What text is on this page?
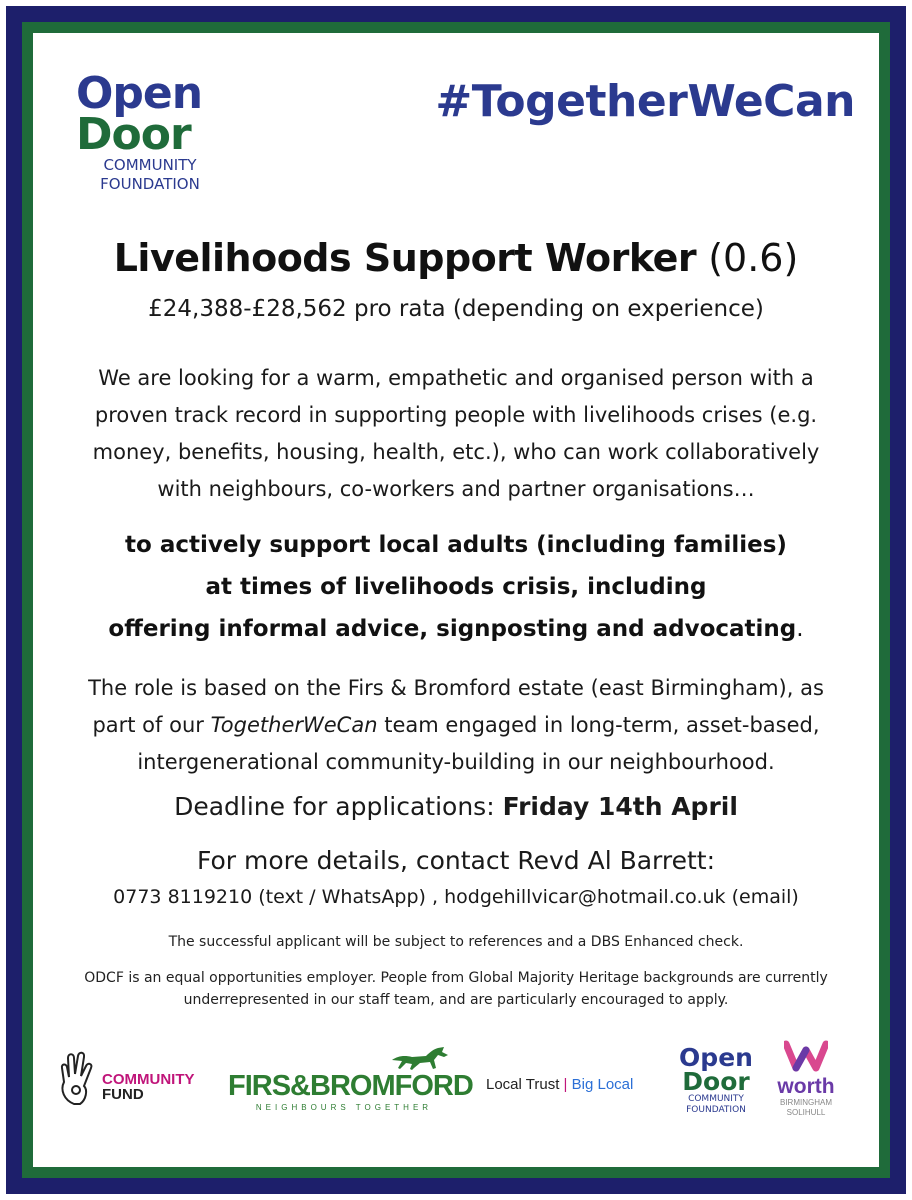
Open
Door
COMMUNITY
FOUNDATION
#TogetherWeCan
Livelihoods Support Worker (0.6)
£24,388-£28,562 pro rata (depending on experience)
We are looking for a warm, empathetic and organised person with a proven track record in supporting people with livelihoods crises (e.g. money, benefits, housing, health, etc.), who can work collaboratively with neighbours, co-workers and partner organisations…
to actively support local adults (including families)
at times of livelihoods crisis, including
offering informal advice, signposting and advocating.
The role is based on the Firs & Bromford estate (east Birmingham), as part of our TogetherWeCan team engaged in long-term, asset-based, intergenerational community-building in our neighbourhood.
Deadline for applications: Friday 14th April
For more details, contact Revd Al Barrett:
0773 8119210 (text / WhatsApp) , hodgehillvicar@hotmail.co.uk (email)
The successful applicant will be subject to references and a DBS Enhanced check.
ODCF is an equal opportunities employer. People from Global Majority Heritage backgrounds are currently underrepresented in our staff team, and are particularly encouraged to apply.
COMMUNITY
FUND	FIRS&BROMFORD
NEIGHBOURS TOGETHER
Local Trust | Big Local
Open
Door
COMMUNITY
FOUNDATION
worth
BIRMINGHAM
SOLIHULL
